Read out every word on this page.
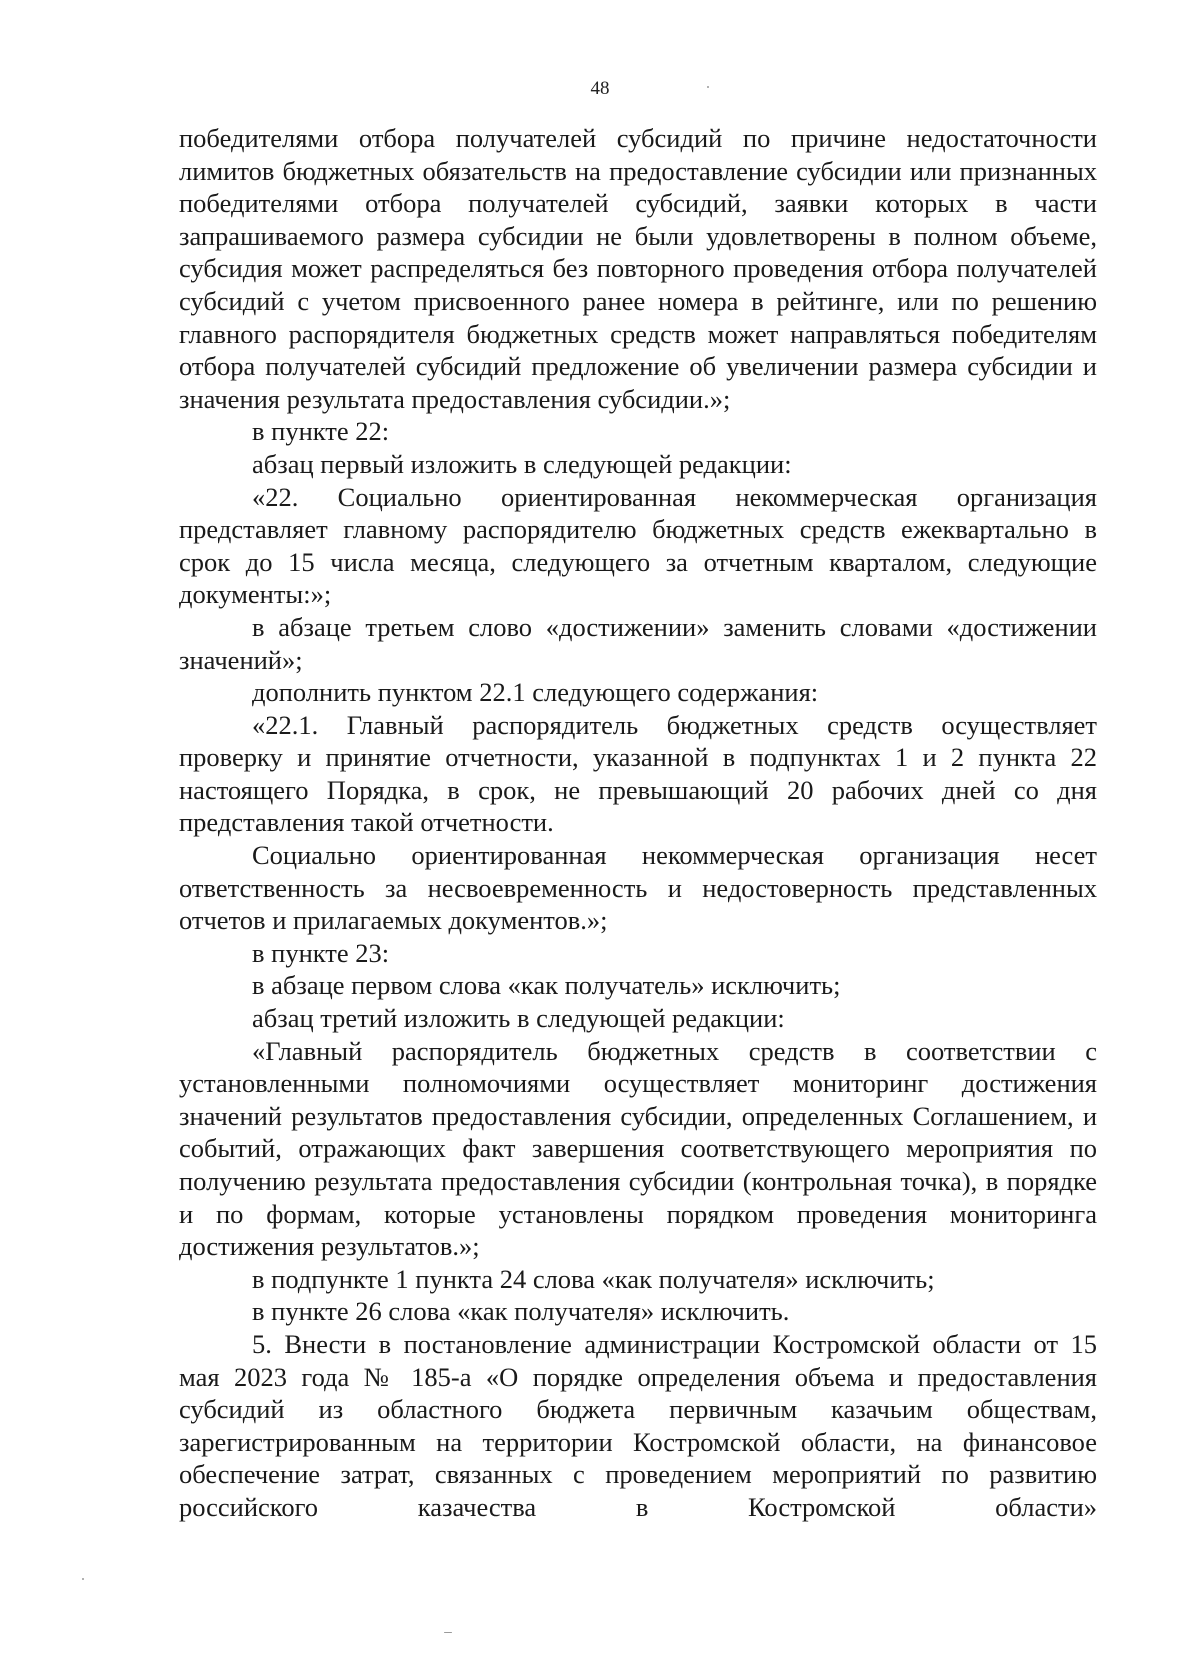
48

победителями отбора получателей субсидий по причине недостаточности лимитов бюджетных обязательств на предоставление субсидии или признанных победителями отбора получателей субсидий, заявки которых в части запрашиваемого размера субсидии не были удовлетворены в полном объеме, субсидия может распределяться без повторного проведения отбора получателей субсидий с учетом присвоенного ранее номера в рейтинге, или по решению главного распорядителя бюджетных средств может направляться победителям отбора получателей субсидий предложение об увеличении размера субсидии и значения результата предоставления субсидии.»;

в пункте 22:

абзац первый изложить в следующей редакции:

«22. Социально ориентированная некоммерческая организация представляет главному распорядителю бюджетных средств ежеквартально в срок до 15 числа месяца, следующего за отчетным кварталом, следующие документы:»;

в абзаце третьем слово «достижении» заменить словами «достижении значений»;

дополнить пунктом 22.1 следующего содержания:

«22.1. Главный распорядитель бюджетных средств осуществляет проверку и принятие отчетности, указанной в подпунктах 1 и 2 пункта 22 настоящего Порядка, в срок, не превышающий 20 рабочих дней со дня представления такой отчетности.

Социально ориентированная некоммерческая организация несет ответственность за несвоевременность и недостоверность представленных отчетов и прилагаемых документов.»;

в пункте 23:

в абзаце первом слова «как получатель» исключить;

абзац третий изложить в следующей редакции:

«Главный распорядитель бюджетных средств в соответствии с установленными полномочиями осуществляет мониторинг достижения значений результатов предоставления субсидии, определенных Соглашением, и событий, отражающих факт завершения соответствующего мероприятия по получению результата предоставления субсидии (контрольная точка), в порядке и по формам, которые установлены порядком проведения мониторинга достижения результатов.»;

в подпункте 1 пункта 24 слова «как получателя» исключить;

в пункте 26 слова «как получателя» исключить.

5. Внести в постановление администрации Костромской области от 15 мая 2023 года № 185-а «О порядке определения объема и предоставления субсидий из областного бюджета первичным казачьим обществам, зарегистрированным на территории Костромской области, на финансовое обеспечение затрат, связанных с проведением мероприятий по развитию российского казачества в Костромской области»
